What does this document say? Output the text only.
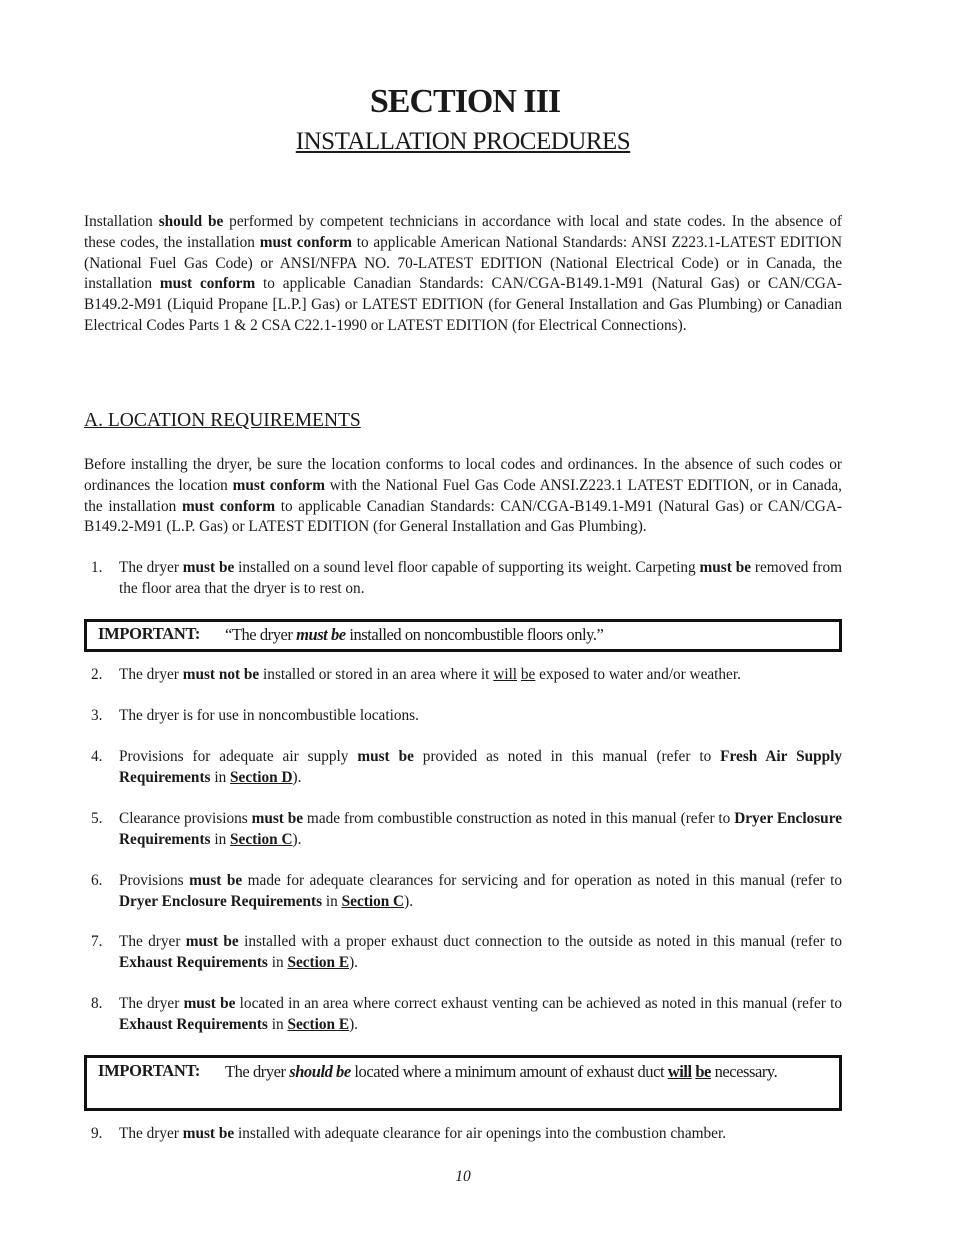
SECTION III
INSTALLATION PROCEDURES
Installation should be performed by competent technicians in accordance with local and state codes. In the absence of these codes, the installation must conform to applicable American National Standards: ANSI Z223.1-LATEST EDITION (National Fuel Gas Code) or ANSI/NFPA NO. 70-LATEST EDITION (National Electrical Code) or in Canada, the installation must conform to applicable Canadian Standards: CAN/CGA-B149.1-M91 (Natural Gas) or CAN/CGA-B149.2-M91 (Liquid Propane [L.P.] Gas) or LATEST EDITION (for General Installation and Gas Plumbing) or Canadian Electrical Codes Parts 1 & 2 CSA C22.1-1990 or LATEST EDITION (for Electrical Connections).
A. LOCATION REQUIREMENTS
Before installing the dryer, be sure the location conforms to local codes and ordinances. In the absence of such codes or ordinances the location must conform with the National Fuel Gas Code ANSI.Z223.1 LATEST EDITION, or in Canada, the installation must conform to applicable Canadian Standards: CAN/CGA-B149.1-M91 (Natural Gas) or CAN/CGA-B149.2-M91 (L.P. Gas) or LATEST EDITION (for General Installation and Gas Plumbing).
1. The dryer must be installed on a sound level floor capable of supporting its weight. Carpeting must be removed from the floor area that the dryer is to rest on.
IMPORTANT: “The dryer must be installed on noncombustible floors only.”
2. The dryer must not be installed or stored in an area where it will be exposed to water and/or weather.
3. The dryer is for use in noncombustible locations.
4. Provisions for adequate air supply must be provided as noted in this manual (refer to Fresh Air Supply Requirements in Section D).
5. Clearance provisions must be made from combustible construction as noted in this manual (refer to Dryer Enclosure Requirements in Section C).
6. Provisions must be made for adequate clearances for servicing and for operation as noted in this manual (refer to Dryer Enclosure Requirements in Section C).
7. The dryer must be installed with a proper exhaust duct connection to the outside as noted in this manual (refer to Exhaust Requirements in Section E).
8. The dryer must be located in an area where correct exhaust venting can be achieved as noted in this manual (refer to Exhaust Requirements in Section E).
IMPORTANT: The dryer should be located where a minimum amount of exhaust duct will be necessary.
9. The dryer must be installed with adequate clearance for air openings into the combustion chamber.
10
